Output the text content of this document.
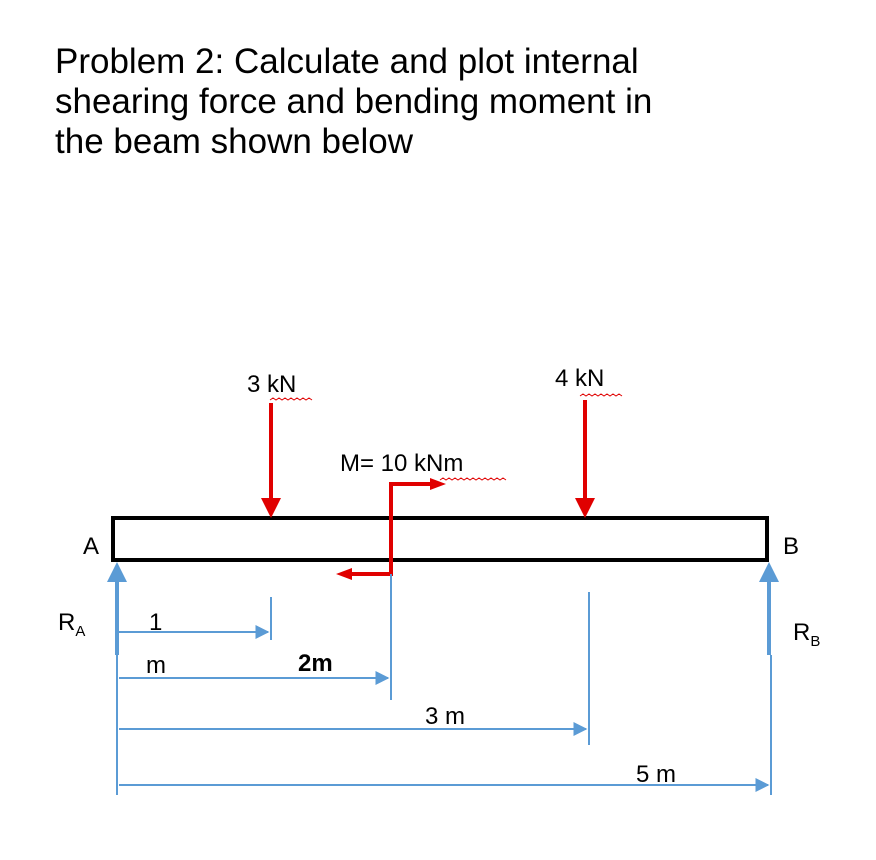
Problem 2: Calculate and plot internal
shearing force and bending moment in
the beam shown below
A	B
$R_A$	$R_B$
3 kN	4 kN
M= 10 kNm
1
m	2m
3 m
5 m
